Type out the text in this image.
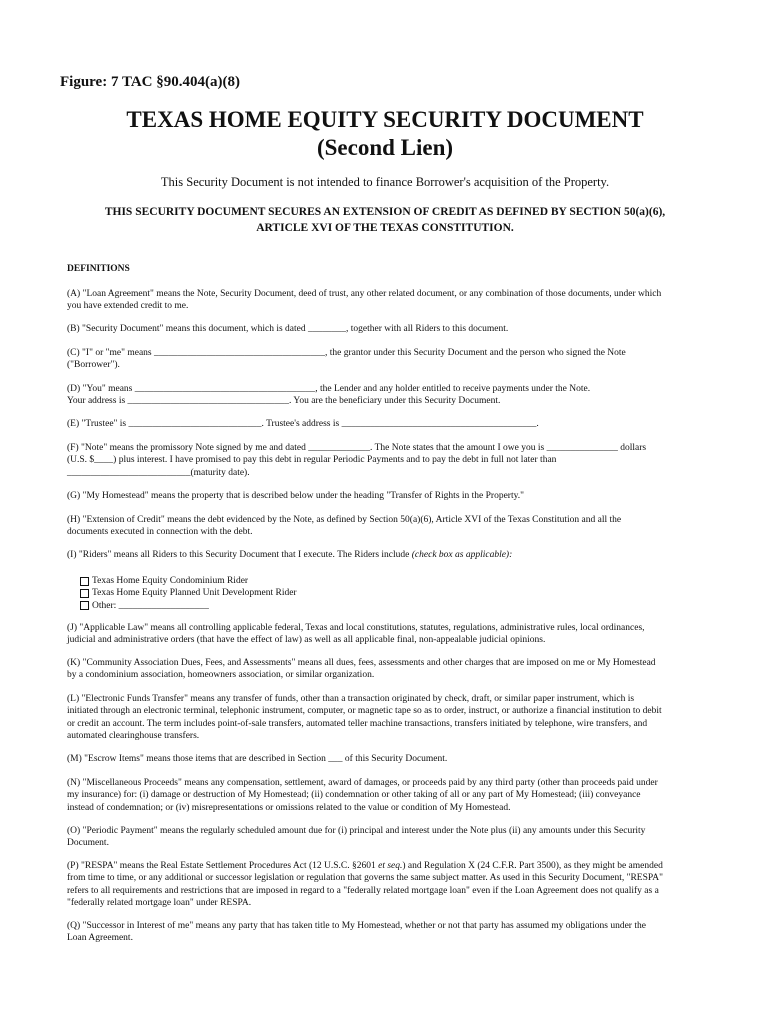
Figure: 7 TAC §90.404(a)(8)
TEXAS HOME EQUITY SECURITY DOCUMENT
(Second Lien)
This Security Document is not intended to finance Borrower's acquisition of the Property.
THIS SECURITY DOCUMENT SECURES AN EXTENSION OF CREDIT AS DEFINED BY SECTION 50(a)(6),
ARTICLE XVI OF THE TEXAS CONSTITUTION.
DEFINITIONS
(A) "Loan Agreement" means the Note, Security Document, deed of trust, any other related document, or any combination of those documents, under which
you have extended credit to me.
(B) "Security Document" means this document, which is dated ________, together with all Riders to this document.
(C) "I" or "me" means ____________________________________, the grantor under this Security Document and the person who signed the Note
("Borrower").
(D) "You" means ______________________________________, the Lender and any holder entitled to receive payments under the Note.
Your address is __________________________________. You are the beneficiary under this Security Document.
(E) "Trustee" is ____________________________. Trustee's address is _________________________________________.
(F) "Note" means the promissory Note signed by me and dated _____________. The Note states that the amount I owe you is _______________ dollars
(U.S. $____) plus interest. I have promised to pay this debt in regular Periodic Payments and to pay the debt in full not later than
__________________________(maturity date).
(G) "My Homestead" means the property that is described below under the heading "Transfer of Rights in the Property."
(H) "Extension of Credit" means the debt evidenced by the Note, as defined by Section 50(a)(6), Article XVI of the Texas Constitution and all the
documents executed in connection with the debt.
(I) "Riders" means all Riders to this Security Document that I execute. The Riders include (check box as applicable):
Texas Home Equity Condominium Rider
Texas Home Equity Planned Unit Development Rider
Other: ___________________
(J) "Applicable Law" means all controlling applicable federal, Texas and local constitutions, statutes, regulations, administrative rules, local ordinances,
judicial and administrative orders (that have the effect of law) as well as all applicable final, non-appealable judicial opinions.
(K) "Community Association Dues, Fees, and Assessments" means all dues, fees, assessments and other charges that are imposed on me or My Homestead
by a condominium association, homeowners association, or similar organization.
(L) "Electronic Funds Transfer" means any transfer of funds, other than a transaction originated by check, draft, or similar paper instrument, which is
initiated through an electronic terminal, telephonic instrument, computer, or magnetic tape so as to order, instruct, or authorize a financial institution to debit
or credit an account. The term includes point-of-sale transfers, automated teller machine transactions, transfers initiated by telephone, wire transfers, and
automated clearinghouse transfers.
(M) "Escrow Items" means those items that are described in Section ___ of this Security Document.
(N) "Miscellaneous Proceeds" means any compensation, settlement, award of damages, or proceeds paid by any third party (other than proceeds paid under
my insurance) for: (i) damage or destruction of My Homestead; (ii) condemnation or other taking of all or any part of My Homestead; (iii) conveyance
instead of condemnation; or (iv) misrepresentations or omissions related to the value or condition of My Homestead.
(O) "Periodic Payment" means the regularly scheduled amount due for (i) principal and interest under the Note plus (ii) any amounts under this Security
Document.
(P) "RESPA" means the Real Estate Settlement Procedures Act (12 U.S.C. §2601 et seq.) and Regulation X (24 C.F.R. Part 3500), as they might be amended
from time to time, or any additional or successor legislation or regulation that governs the same subject matter. As used in this Security Document, "RESPA"
refers to all requirements and restrictions that are imposed in regard to a "federally related mortgage loan" even if the Loan Agreement does not qualify as a
"federally related mortgage loan" under RESPA.
(Q) "Successor in Interest of me" means any party that has taken title to My Homestead, whether or not that party has assumed my obligations under the
Loan Agreement.
